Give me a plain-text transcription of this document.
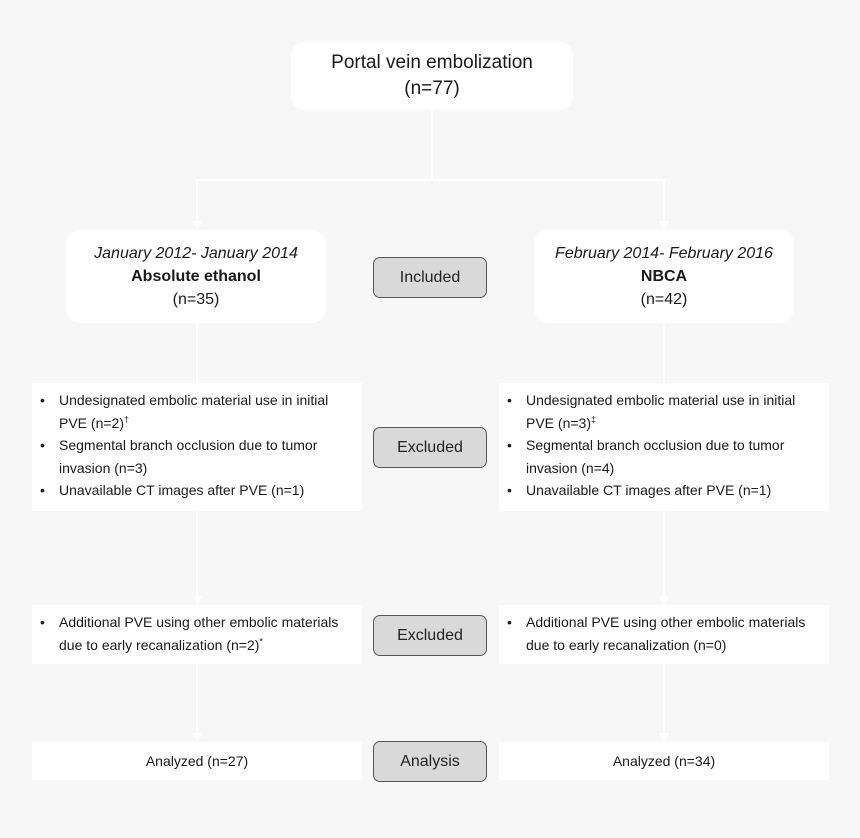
Portal vein embolization
(n=77)
January 2012- January 2014
Absolute ethanol
(n=35)
February 2014- February 2016
NBCA
(n=42)
Included
Excluded
Excluded
Analysis
• Undesignated embolic material use in initial PVE (n=2)†
• Segmental branch occlusion due to tumor invasion (n=3)
• Unavailable CT images after PVE (n=1)
• Undesignated embolic material use in initial PVE (n=3)‡
• Segmental branch occlusion due to tumor invasion (n=4)
• Unavailable CT images after PVE (n=1)
• Additional PVE using other embolic materials due to early recanalization (n=2)*
• Additional PVE using other embolic materials due to early recanalization (n=0)
Analyzed (n=27)	Analyzed (n=34)
